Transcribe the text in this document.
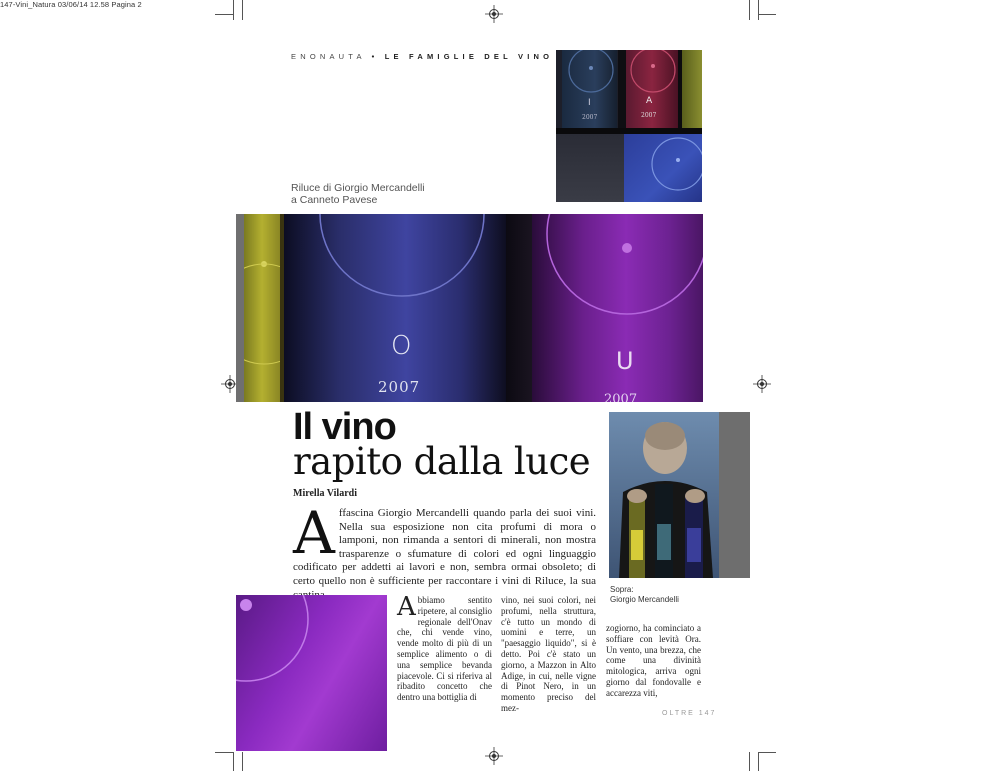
147-Vini_Natura 03/06/14 12.58 Pagina 2
ENONAUTA • LE FAMIGLIE DEL VINO
I
2007
A
2007
Riluce di Giorgio Mercandelli
a Canneto Pavese
O
2007
U
2007
Il vino
rapito dalla luce
Mirella Vilardi
Affascina Giorgio Mercandelli quando parla dei suoi vini. Nella sua esposizione non cita profumi di mora o lamponi, non rimanda a sentori di minerali, non mostra trasparenze o sfumature di colori ed ogni linguaggio codificato per addetti ai lavori e non, sembra ormai obsoleto; di certo quello non è sufficiente per raccontare i vini di Riluce, la sua
Sopra:
Giorgio Mercandelli
Abbiamo sentito ripetere, al consiglio regionale dell'Onav che, chi vende vino, vende molto di più di un semplice alimento o di una semplice bevanda piacevole. Ci si riferiva al ribadito concetto che dentro una bottiglia di
vino, nei suoi colori, nei profumi, nella struttura, c'è tutto un mondo di uomini e terre, un "paesaggio liquido", si è detto. Poi c'è stato un giorno, a Mazzon in Alto Adige, in cui, nelle vigne di Pinot Nero, in un momento preciso del mez-
zogiorno, ha cominciato a soffiare con levità Ora. Un vento, una brezza, che come una divinità mitologica, arriva ogni giorno dal fondovalle e accarezza viti,
OLTRE 147
